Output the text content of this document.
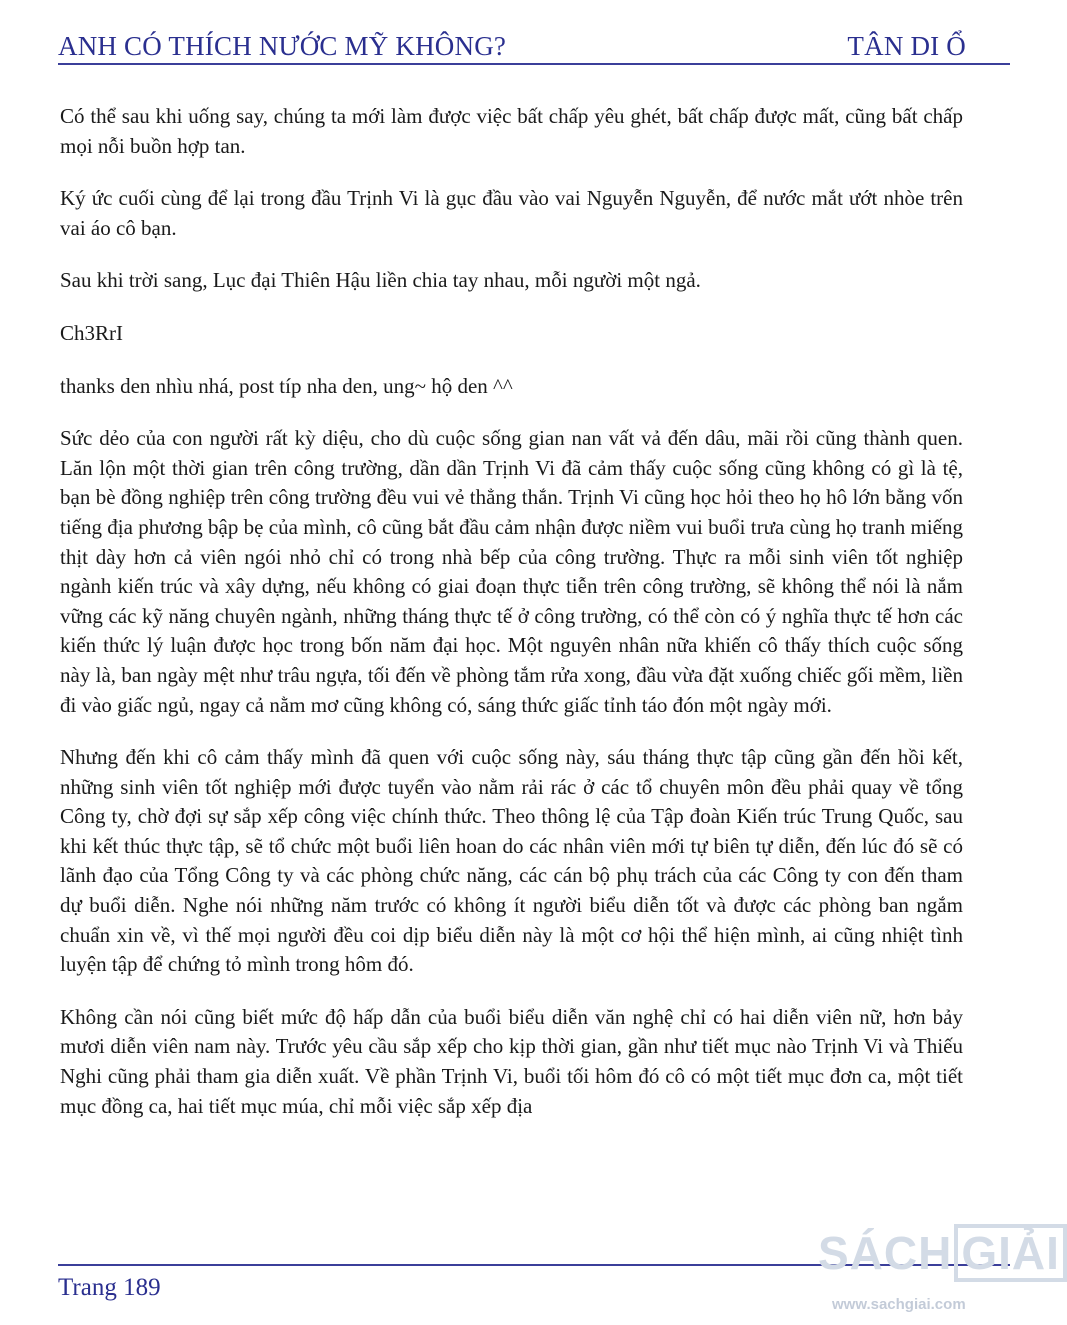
ANH CÓ THÍCH NƯỚC MỸ KHÔNG?	TÂN DI Ổ

Có thể sau khi uống say, chúng ta mới làm được việc bất chấp yêu ghét, bất chấp được mất, cũng bất chấp mọi nỗi buồn hợp tan.

Ký ức cuối cùng để lại trong đầu Trịnh Vi là gục đầu vào vai Nguyễn Nguyễn, để nước mắt ướt nhòe trên vai áo cô bạn.

Sau khi trời sang, Lục đại Thiên Hậu liền chia tay nhau, mỗi người một ngả.

Ch3RrI

thanks den nhìu nhá, post típ nha den, ung~ hộ den ^^

Sức dẻo của con người rất kỳ diệu, cho dù cuộc sống gian nan vất vả đến dâu, mãi rồi cũng thành quen. Lăn lộn một thời gian trên công trường, dần dần Trịnh Vi đã cảm thấy cuộc sống cũng không có gì là tệ, bạn bè đồng nghiệp trên công trường đều vui vẻ thẳng thắn. Trịnh Vi cũng học hỏi theo họ hô lớn bằng vốn tiếng địa phương bập bẹ của mình, cô cũng bắt đầu cảm nhận được niềm vui buổi trưa cùng họ tranh miếng thịt dày hơn cả viên ngói nhỏ chỉ có trong nhà bếp của công trường. Thực ra mỗi sinh viên tốt nghiệp ngành kiến trúc và xây dựng, nếu không có giai đoạn thực tiễn trên công trường, sẽ không thể nói là nắm vững các kỹ năng chuyên ngành, những tháng thực tế ở công trường, có thể còn có ý nghĩa thực tế hơn các kiến thức lý luận được học trong bốn năm đại học. Một nguyên nhân nữa khiến cô thấy thích cuộc sống này là, ban ngày mệt như trâu ngựa, tối đến về phòng tắm rửa xong, đầu vừa đặt xuống chiếc gối mềm, liền đi vào giấc ngủ, ngay cả nằm mơ cũng không có, sáng thức giấc tỉnh táo đón một ngày mới.

Nhưng đến khi cô cảm thấy mình đã quen với cuộc sống này, sáu tháng thực tập cũng gần đến hồi kết, những sinh viên tốt nghiệp mới được tuyển vào nằm rải rác ở các tổ chuyên môn đều phải quay về tổng Công ty, chờ đợi sự sắp xếp công việc chính thức. Theo thông lệ của Tập đoàn Kiến trúc Trung Quốc, sau khi kết thúc thực tập, sẽ tổ chức một buổi liên hoan do các nhân viên mới tự biên tự diễn, đến lúc đó sẽ có lãnh đạo của Tổng Công ty và các phòng chức năng, các cán bộ phụ trách của các Công ty con đến tham dự buổi diễn. Nghe nói những năm trước có không ít người biểu diễn tốt và được các phòng ban ngắm chuẩn xin về, vì thế mọi người đều coi dịp biểu diễn này là một cơ hội thể hiện mình, ai cũng nhiệt tình luyện tập để chứng tỏ mình trong hôm đó.

Không cần nói cũng biết mức độ hấp dẫn của buổi biểu diễn văn nghệ chỉ có hai diễn viên nữ, hơn bảy mươi diễn viên nam này. Trước yêu cầu sắp xếp cho kịp thời gian, gần như tiết mục nào Trịnh Vi và Thiếu Nghi cũng phải tham gia diễn xuất. Về phần Trịnh Vi, buổi tối hôm đó cô có một tiết mục đơn ca, một tiết mục đồng ca, hai tiết mục múa, chỉ mỗi việc sắp xếp địa

Trang 189
SÁCH GIẢI
www.sachgiai.com
